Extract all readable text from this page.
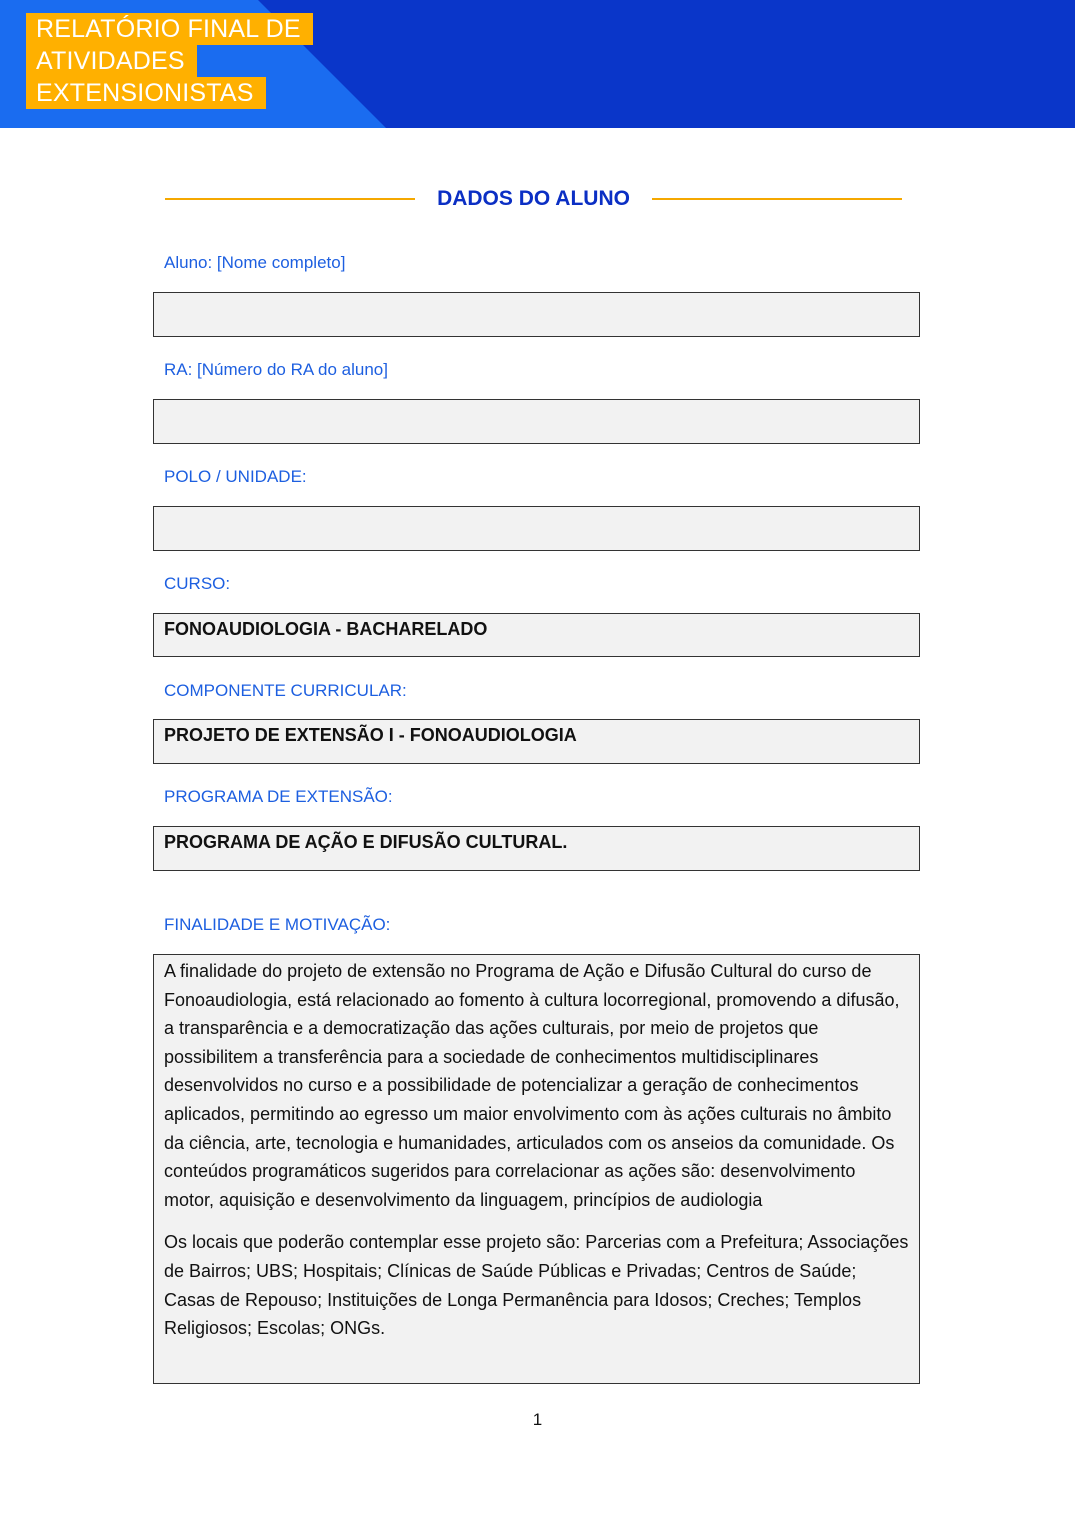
RELATÓRIO FINAL DE
ATIVIDADES
EXTENSIONISTAS
DADOS DO ALUNO
Aluno: [Nome completo]
RA: [Número do RA do aluno]
POLO / UNIDADE:
CURSO:
FONOAUDIOLOGIA - BACHARELADO
COMPONENTE CURRICULAR:
PROJETO DE EXTENSÃO I - FONOAUDIOLOGIA
PROGRAMA DE EXTENSÃO:
PROGRAMA DE AÇÃO E DIFUSÃO CULTURAL.
FINALIDADE E MOTIVAÇÃO:

A finalidade do projeto de extensão no Programa de Ação e Difusão Cultural do curso de Fonoaudiologia, está relacionado ao fomento à cultura locorregional, promovendo a difusão, a transparência e a democratização das ações culturais, por meio de projetos que possibilitem a transferência para a sociedade de conhecimentos multidisciplinares desenvolvidos no curso e a possibilidade de potencializar a geração de conhecimentos aplicados, permitindo ao egresso um maior envolvimento com às ações culturais no âmbito da ciência, arte, tecnologia e humanidades, articulados com os anseios da comunidade. Os conteúdos programáticos sugeridos para correlacionar as ações são: desenvolvimento motor, aquisição e desenvolvimento da linguagem, princípios de audiologia

Os locais que poderão contemplar esse projeto são: Parcerias com a Prefeitura; Associações de Bairros; UBS; Hospitais; Clínicas de Saúde Públicas e Privadas; Centros de Saúde; Casas de Repouso; Instituições de Longa Permanência para Idosos; Creches; Templos Religiosos; Escolas; ONGs.

1
